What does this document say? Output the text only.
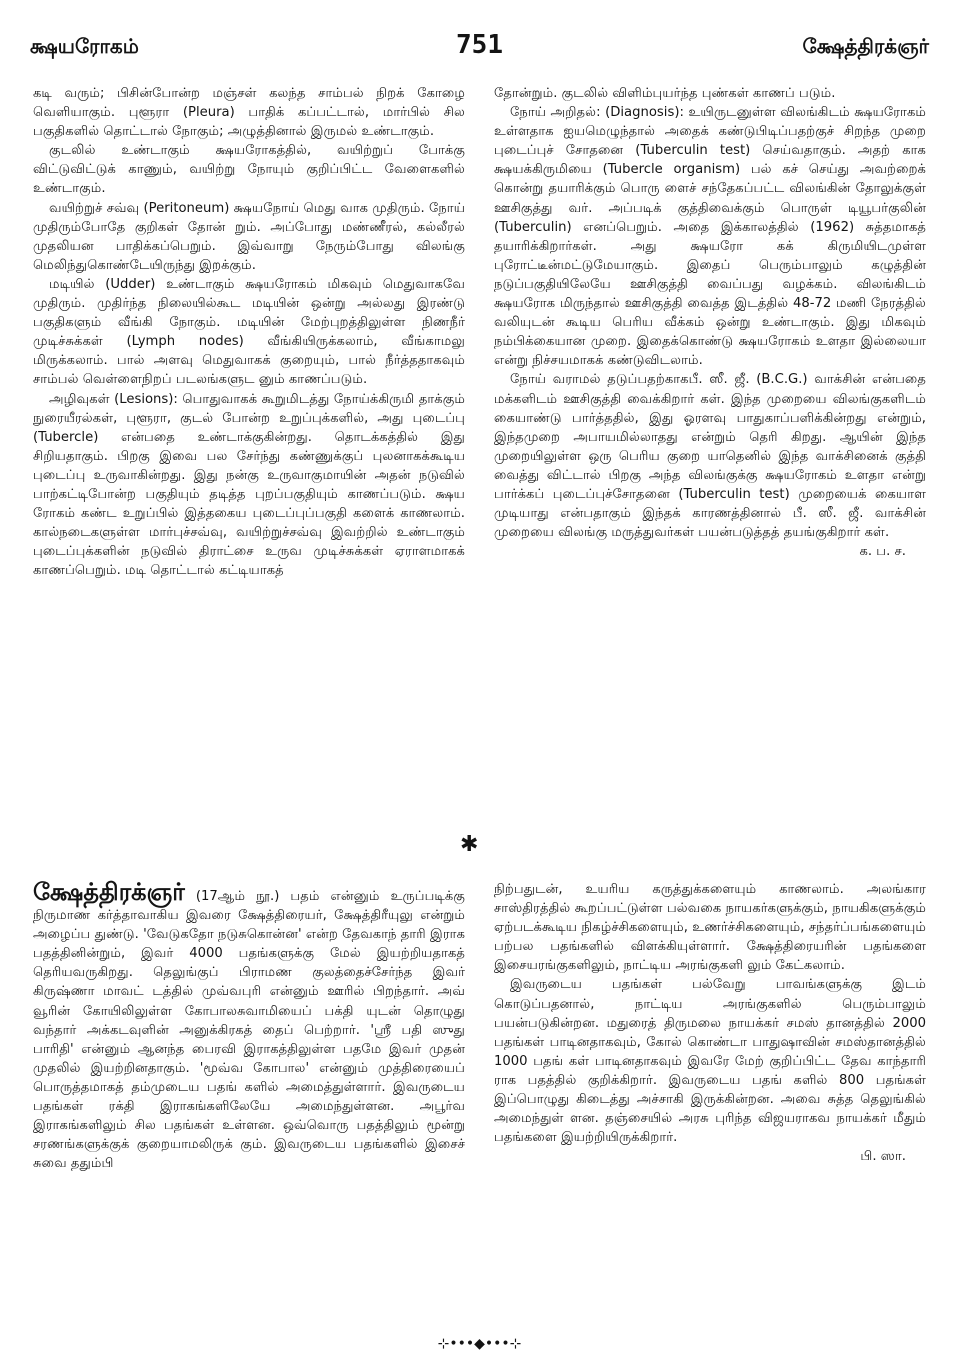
க்ஷயரோகம்	751	க்ஷேத்திரக்ஞர்

கடி வரும்; பிசின்போன்ற மஞ்சள் கலந்த சாம்பல் நிறக் கோழை வெளியாகும். புளூரா (Pleura) பாதிக் கப்பட்டால், மார்பில் சில பகுதிகளில் தொட்டால் நோகும்; அழுத்தினால் இருமல் உண்டாகும்.

குடலில் உண்டாகும் க்ஷயரோகத்தில், வயிற்றுப் போக்கு விட்டுவிட்டுக் காணும், வயிற்று நோயும் குறிப்பிட்ட வேளைகளில் உண்டாகும்.

வயிற்றுச் சவ்வு (Peritoneum) க்ஷயநோய் மெது வாக முதிரும். நோய் முதிரும்போதே குறிகள் தோன் றும். அப்போது மண்ணீரல், கல்லீரல் முதலியன பாதிக்கப்பெறும். இவ்வாறு நேரும்போது விலங்கு மெலிந்துகொண்டேயிருந்து இறக்கும்.

மடியில் (Udder) உண்டாகும் க்ஷயரோகம் மிகவும் மெதுவாகவே முதிரும். முதிர்ந்த நிலையில்கூட மடியின் ஒன்று அல்லது இரண்டு பகுதிகளும் வீங்கி நோகும். மடியின் மேற்புறத்திலுள்ள நிணநீர் முடிச்சுக்கள் (Lymph nodes) வீங்கியிருக்கலாம், வீங்காமலு மிருக்கலாம். பால் அளவு மெதுவாகக் குறையும், பால் நீர்த்ததாகவும் சாம்பல் வெள்ளைநிறப் படலங்களுட னும் காணப்படும்.

அழிவுகள் (Lesions): பொதுவாகக் கூறுமிடத்து நோய்க்கிருமி தாக்கும் நுரையீரல்கள், புளூரா, குடல் போன்ற உறுப்புக்களில், அது புடைப்பு (Tubercle) என்பதை உண்டாக்குகின்றது. தொடக்கத்தில் இது சிறியதாகும். பிறகு இவை பல சேர்ந்து கண்ணுக்குப் புலனாகக்கூடிய புடைப்பு உருவாகின்றது. இது நன்கு உருவாகுமாயின் அதன் நடுவில் பாற்கட்டிபோன்ற பகுதியும் தடித்த புறப்பகுதியும் காணப்படும். க்ஷய ரோகம் கண்ட உறுப்பில் இத்தகைய புடைப்புப்பகுதி களைக் காணலாம். கால்நடைகளுள்ள மார்புச்சவ்வு, வயிற்றுச்சவ்வு இவற்றில் உண்டாகும் புடைப்புக்களின் நடுவில் திராட்சை உருவ முடிச்சுக்கள் ஏராளமாகக் காணப்பெறும். மடி தொட்டால் கட்டியாகத்

தோன்றும். குடலில் விளிம்புயர்ந்த புண்கள் காணப் படும்.

நோய் அறிதல்: (Diagnosis): உயிருடனுள்ள விலங்கிடம் க்ஷயரோகம் உள்ளதாக ஐயமெழுந்தால் அதைக் கண்டுபிடிப்பதற்குச் சிறந்த முறை புடைப்புச் சோதனை (Tuberculin test) செய்வதாகும். அதற் காக க்ஷயக்கிருமியை (Tubercle organism) பல் கச் செய்து அவற்றைக் கொன்று தயாரிக்கும் பொரு ளைச் சந்தேகப்பட்ட விலங்கின் தோலுக்குள் ஊசிகுத்து வர். அப்படிக் குத்திவைக்கும் பொருள் டியூபர்குலின் (Tuberculin) எனப்பெறும். அதை இக்காலத்தில் (1962) சுத்தமாகத் தயாரிக்கிறார்கள். அது க்ஷயரோ கக் கிருமியிடமுள்ள புரோட்டீன்மட்டுமேயாகும். இதைப் பெரும்பாலும் கழுத்தின் நடுப்பகுதியிலேயே ஊசிகுத்தி வைப்பது வழக்கம். விலங்கிடம் க்ஷயரோக மிருந்தால் ஊசிகுத்தி வைத்த இடத்தில் 48-72 மணி நேரத்தில் வலியுடன் கூடிய பெரிய வீக்கம் ஒன்று உண்டாகும். இது மிகவும் நம்பிக்கையான முறை. இதைக்கொண்டு க்ஷயரோகம் உளதா இல்லையா என்று நிச்சயமாகக் கண்டுவிடலாம்.

நோய் வராமல் தடுப்பதற்காகபீ. ஸீ. ஜீ. (B.C.G.) வாக்சின் என்பதை மக்களிடம் ஊசிகுத்தி வைக்கிறார் கள். இந்த முறையை விலங்குகளிடம் கையாண்டு பார்த்ததில், இது ஓரளவு பாதுகாப்பளிக்கின்றது என்றும், இந்தமுறை அபாயமில்லாதது என்றும் தெரி கிறது. ஆயின் இந்த முறையிலுள்ள ஒரு பெரிய குறை யாதெனில் இந்த வாக்சினைக் குத்தி வைத்து விட்டால் பிறகு அந்த விலங்குக்கு க்ஷயரோகம் உளதா என்று பார்க்கப் புடைப்புச்சோதனை (Tuberculin test) முறையைக் கையாள முடியாது என்பதாகும் இந்தக் காரணத்தினால் பீ. ஸீ. ஜீ. வாக்சின் முறையை விலங்கு மருத்துவர்கள் பயன்படுத்தத் தயங்குகிறார் கள்.

க. ப. ச.
✱

க்ஷேத்திரக்ஞர் (17ஆம் நூ.) பதம் என்னும் உருப்படிக்கு நிருமாண கர்த்தாவாகிய இவரை க்ஷேத்திரையர், க்ஷேத்திரீயுலு என்றும் அழைப்ப துண்டு. 'வேடுகதோ நடுசுகொன்ன' என்ற தேவகாந் தாரி இராக பதத்தினின்றும், இவர் 4000 பதங்களுக்கு மேல் இயற்றியதாகத் தெரியவருகிறது. தெலுங்குப் பிராமண குலத்தைச்சேர்ந்த இவர் கிருஷ்ணா மாவட் டத்தில் முவ்வபுரி என்னும் ஊரில் பிறந்தார். அவ் வூரின் கோயிலிலுள்ள கோபாலசுவாமியைப் பக்தி யுடன் தொழுது வந்தார் அக்கடவுளின் அனுக்கிரகத் தைப் பெற்றார். 'ஸ்ரீ பதி ஸுது பாரிதி' என்னும் ஆனந்த பைரவி இராகத்திலுள்ள பதமே இவர் முதன் முதலில் இயற்றினதாகும். 'மூவ்வ கோபால' என்னும் முத்திரையைப் பொருத்தமாகத் தம்முடைய பதங் களில் அமைத்துள்ளார். இவருடைய பதங்கள் ரக்தி இராகங்களிலேயே அமைந்துள்ளன. அபூர்வ இராகங்களிலும் சில பதங்கள் உள்ளன. ஒவ்வொரு பதத்திலும் மூன்று சரணங்களுக்குக் குறையாமலிருக் கும். இவருடைய பதங்களில் இசைச் சுவை ததும்பி

நிற்பதுடன், உயரிய கருத்துக்களையும் காணலாம். அலங்கார சாஸ்திரத்தில் கூறப்பட்டுள்ள பல்வகை நாயகர்களுக்கும், நாயகிகளுக்கும் ஏற்படக்கூடிய நிகழ்ச்சிகளையும், உணர்ச்சிகளையும், சந்தர்ப்பங்களையும் பற்பல பதங்களில் விளக்கியுள்ளார். க்ஷேத்திரையரின் பதங்களை இசையரங்குகளிலும், நாட்டிய அரங்குகளி லும் கேட்கலாம்.

இவருடைய பதங்கள் பல்வேறு பாவங்களுக்கு இடம் கொடுப்பதனால், நாட்டிய அரங்குகளில் பெரும்பாலும் பயன்படுகின்றன. மதுரைத் திருமலை நாயக்கர் சமஸ் தானத்தில் 2000 பதங்கள் பாடினதாகவும், கோல் கொண்டா பாதுஷாவின் சமஸ்தானத்தில் 1000 பதங் கள் பாடினதாகவும் இவரே மேற் குறிப்பிட்ட தேவ காந்தாரி ராக பதத்தில் குறிக்கிறார். இவருடைய பதங் களில் 800 பதங்கள் இப்பொழுது கிடைத்து அச்சாகி இருக்கின்றன. அவை சுத்த தெலுங்கில் அமைந்துள் ளன. தஞ்சையில் அரசு புரிந்த விஜயராகவ நாயக்கர் மீதும் பதங்களை இயற்றியிருக்கிறார்.

பி. ஸா.
⊹•••◆•••⊹
